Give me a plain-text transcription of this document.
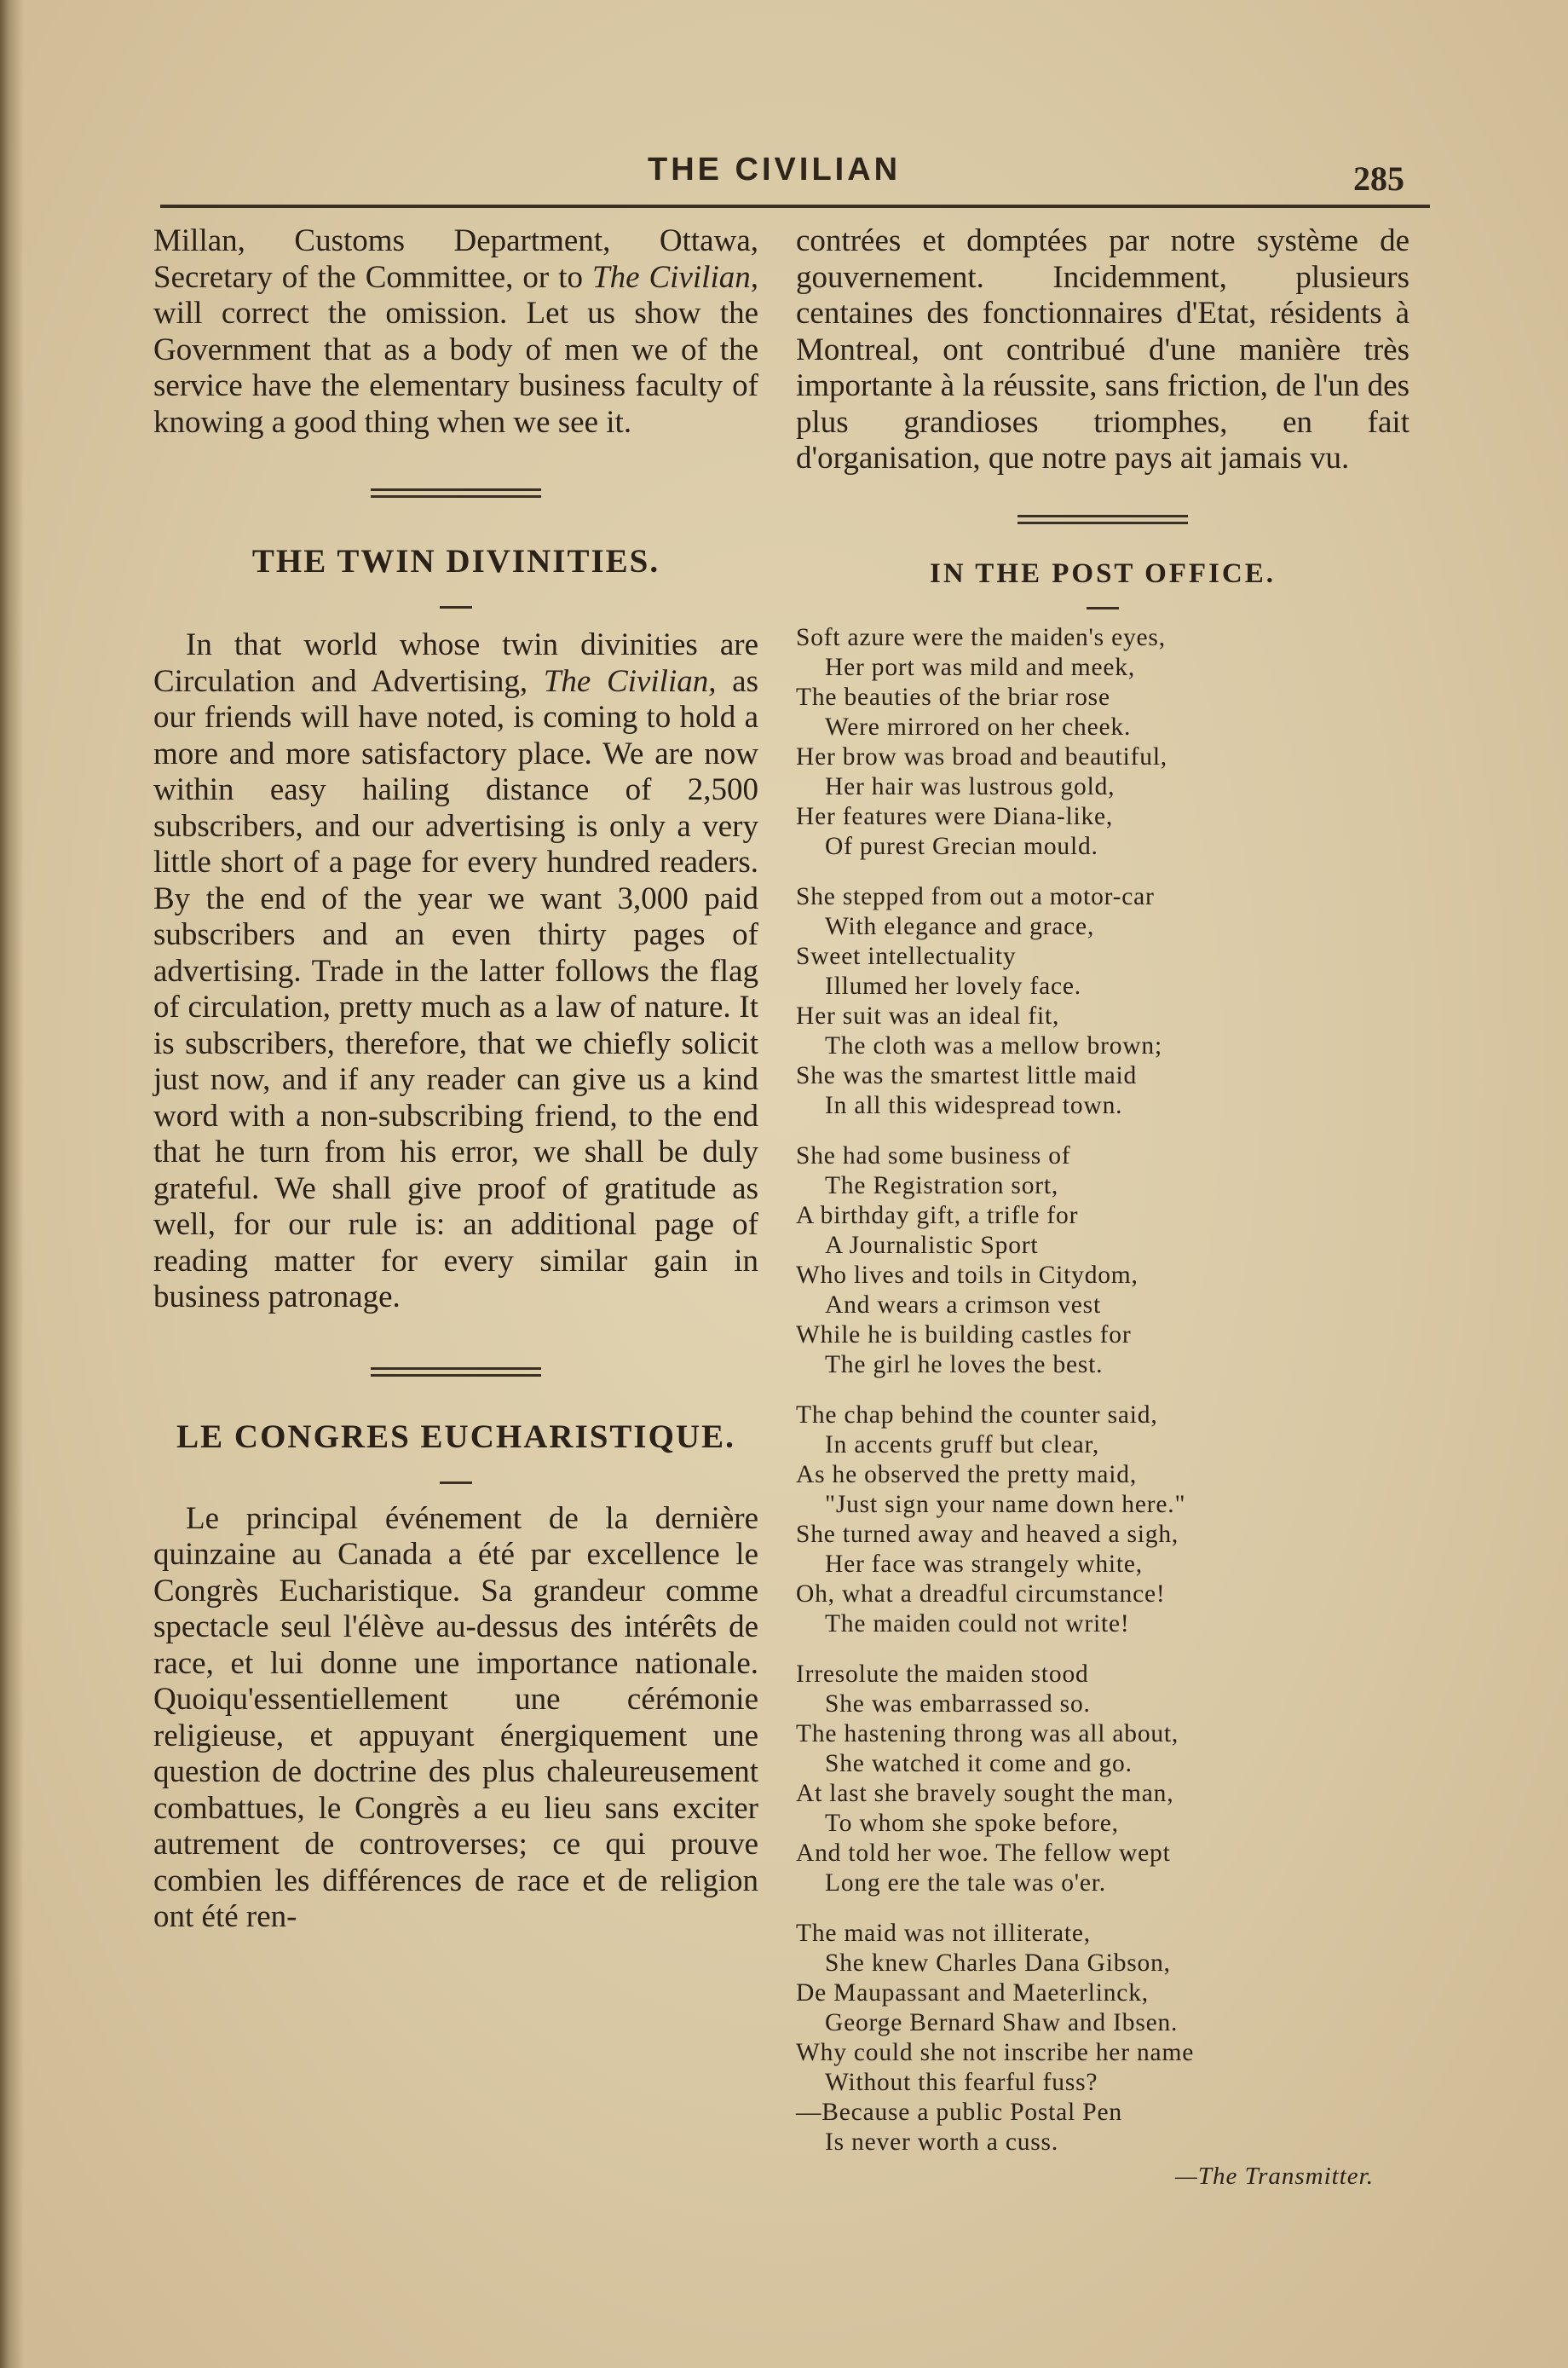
THE CIVILIAN	285

Millan, Customs Department, Ottawa, Secretary of the Committee, or to The Civilian, will correct the omission. Let us show the Government that as a body of men we of the service have the elementary business faculty of knowing a good thing when we see it.

THE TWIN DIVINITIES.

In that world whose twin divinities are Circulation and Advertising, The Civilian, as our friends will have noted, is coming to hold a more and more satisfactory place. We are now within easy hailing distance of 2,500 subscribers, and our advertising is only a very little short of a page for every hundred readers. By the end of the year we want 3,000 paid subscribers and an even thirty pages of advertising. Trade in the latter follows the flag of circulation, pretty much as a law of nature. It is subscribers, therefore, that we chiefly solicit just now, and if any reader can give us a kind word with a non-subscribing friend, to the end that he turn from his error, we shall be duly grateful. We shall give proof of gratitude as well, for our rule is: an additional page of reading matter for every similar gain in business patronage.

LE CONGRES EUCHARISTIQUE.

Le principal événement de la dernière quinzaine au Canada a été par excellence le Congrès Eucharistique. Sa grandeur comme spectacle seul l'élève au-dessus des intérêts de race, et lui donne une importance nationale. Quoiqu'essentiellement une cérémonie religieuse, et appuyant énergiquement une question de doctrine des plus chaleureusement combattues, le Congrès a eu lieu sans exciter autrement de controverses; ce qui prouve combien les différences de race et de religion ont été ren-

contrées et domptées par notre système de gouvernement. Incidemment, plusieurs centaines des fonctionnaires d'Etat, résidents à Montreal, ont contribué d'une manière très importante à la réussite, sans friction, de l'un des plus grandioses triomphes, en fait d'organisation, que notre pays ait jamais vu.

IN THE POST OFFICE.
Soft azure were the maiden's eyes,
Her port was mild and meek,
The beauties of the briar rose
Were mirrored on her cheek.
Her brow was broad and beautiful,
Her hair was lustrous gold,
Her features were Diana-like,
Of purest Grecian mould.
She stepped from out a motor-car
With elegance and grace,
Sweet intellectuality
Illumed her lovely face.
Her suit was an ideal fit,
The cloth was a mellow brown;
She was the smartest little maid
In all this widespread town.
She had some business of
The Registration sort,
A birthday gift, a trifle for
A Journalistic Sport
Who lives and toils in Citydom,
And wears a crimson vest
While he is building castles for
The girl he loves the best.
The chap behind the counter said,
In accents gruff but clear,
As he observed the pretty maid,
"Just sign your name down here."
She turned away and heaved a sigh,
Her face was strangely white,
Oh, what a dreadful circumstance!
The maiden could not write!
Irresolute the maiden stood
She was embarrassed so.
The hastening throng was all about,
She watched it come and go.
At last she bravely sought the man,
To whom she spoke before,
And told her woe. The fellow wept
Long ere the tale was o'er.
The maid was not illiterate,
She knew Charles Dana Gibson,
De Maupassant and Maeterlinck,
George Bernard Shaw and Ibsen.
Why could she not inscribe her name
Without this fearful fuss?
—Because a public Postal Pen
Is never worth a cuss.
—The Transmitter.
